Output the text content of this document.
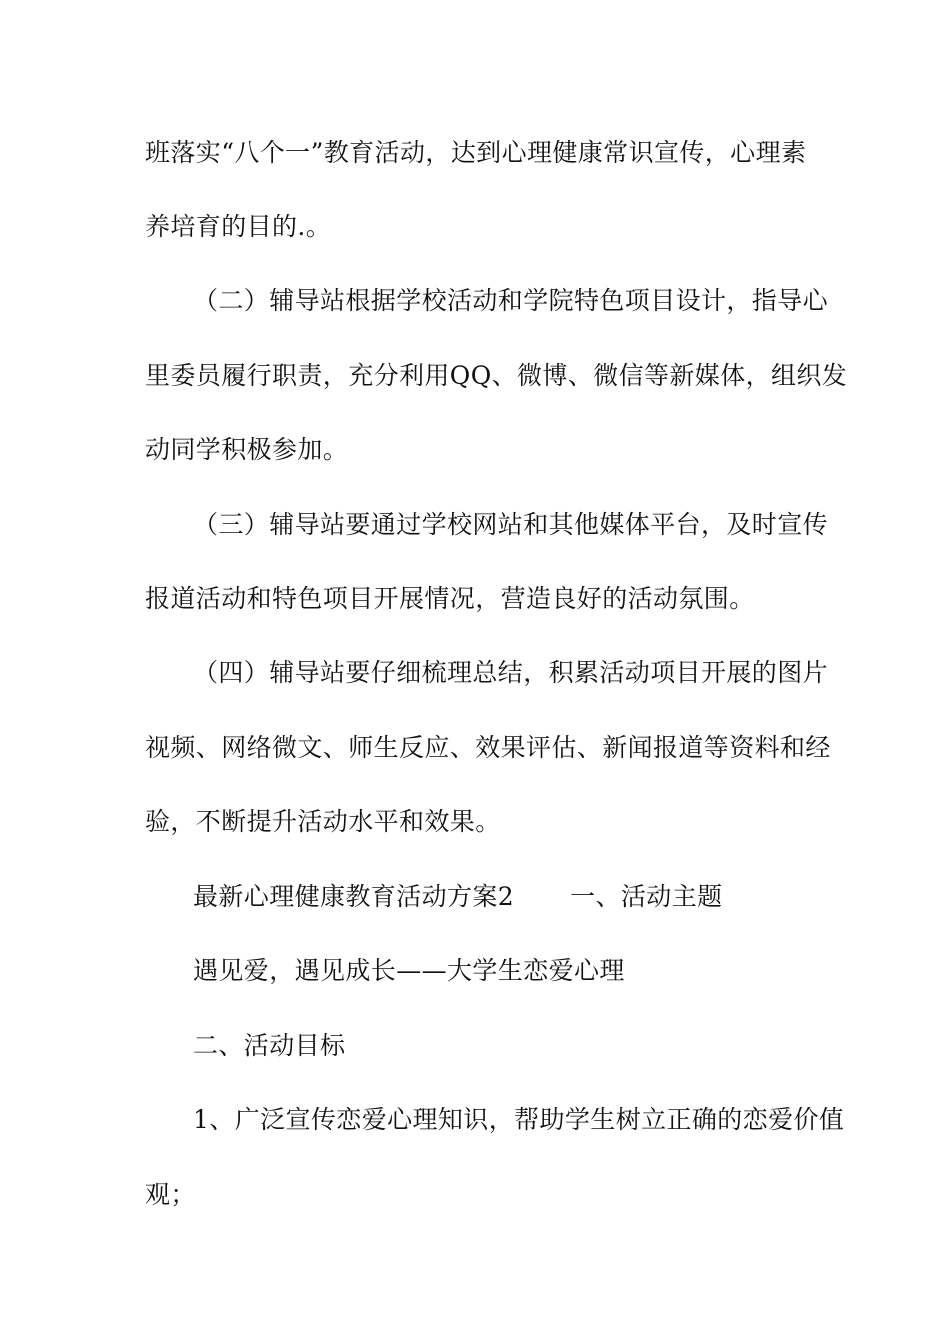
班落实“八个一”教育活动，达到心理健康常识宣传，心理素
养培育的目的.。
（二）辅导站根据学校活动和学院特色项目设计，指导心
里委员履行职责，充分利用QQ、微博、微信等新媒体，组织发
动同学积极参加。
（三）辅导站要通过学校网站和其他媒体平台，及时宣传
报道活动和特色项目开展情况，营造良好的活动氛围。
（四）辅导站要仔细梳理总结，积累活动项目开展的图片
视频、网络微文、师生反应、效果评估、新闻报道等资料和经
验，不断提升活动水平和效果。
最新心理健康教育活动方案2 一、活动主题
遇见爱，遇见成长——大学生恋爱心理
二、活动目标
1、广泛宣传恋爱心理知识，帮助学生树立正确的恋爱价值
观；
